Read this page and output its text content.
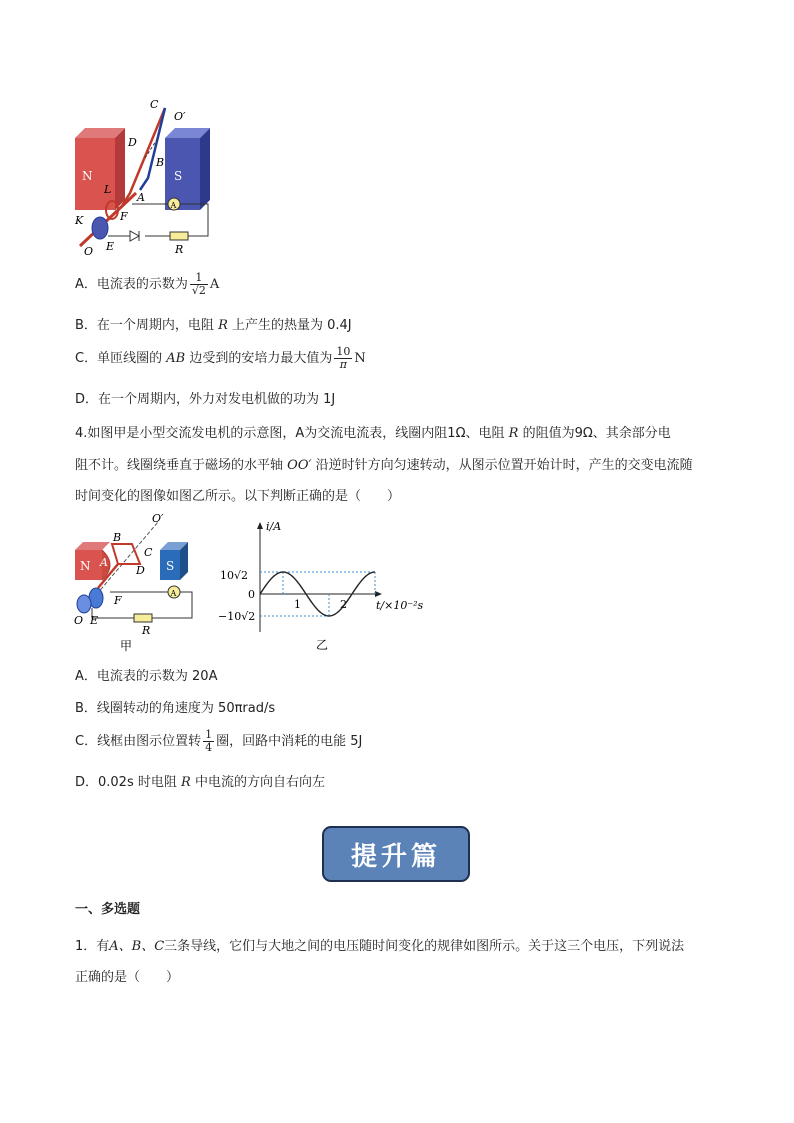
N	S
A
C
O′
D
B
L
A
F
K
E
O	R
A．电流表的示数为 $\frac{1}{√2}$ A
B．在一个周期内，电阻 R 上产生的热量为 0.4J
C．单匝线圈的 AB 边受到的安培力最大值为 $\frac{10}{\pi}$ N
D．在一个周期内，外力对发电机做的功为 1J
4.如图甲是小型交流发电机的示意图，A为交流电流表，线圈内阻1Ω、电阻 R 的阻值为9Ω、其余部分电
阻不计。线圈绕垂直于磁场的水平轴 OO′ 沿逆时针方向匀速转动，从图示位置开始计时，产生的交变电流随
时间变化的图像如图乙所示。以下判断正确的是（　　）
N	S
A
O′
B
A
C
D
F
O E
R
甲
i/A
t/×10⁻²s
10√2
0
−10√2
1	2
乙
A．电流表的示数为 20A
B．线圈转动的角速度为 50πrad/s
C．线框由图示位置转 $\frac{1}{4}$ 圈，回路中消耗的电能 5J
D．0.02s 时电阻 R 中电流的方向自右向左
提升篇
一、多选题
1．有A、B、C三条导线，它们与大地之间的电压随时间变化的规律如图所示。关于这三个电压，下列说法
正确的是（　　）
